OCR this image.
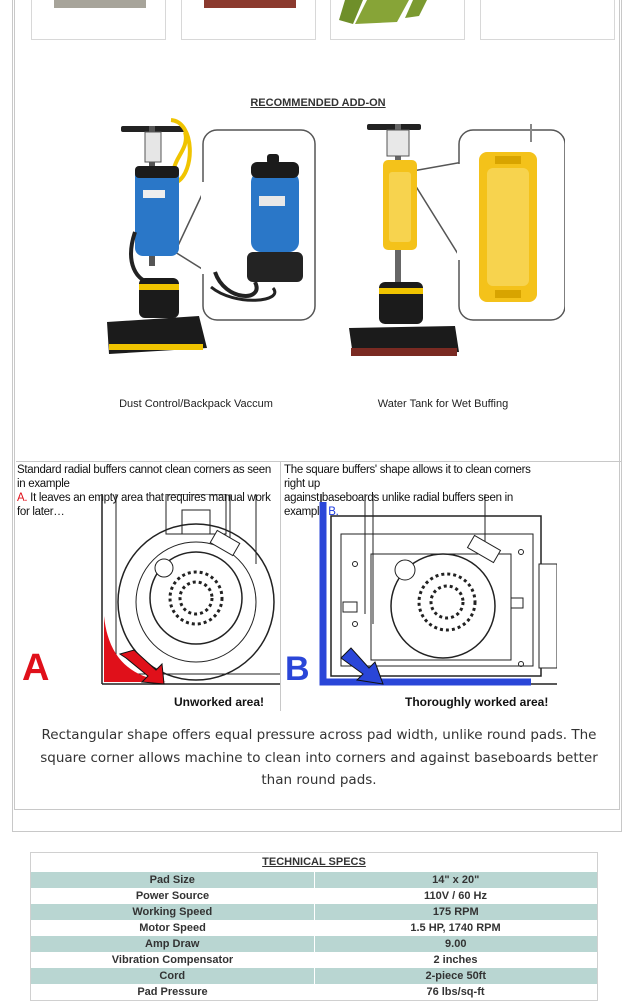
RECOMMENDED ADD-ON
Dust Control/Backpack Vaccum	Water Tank for Wet Buffing
Standard radial buffers cannot clean corners as seen in example
A. It leaves an empty area that requires manual work for later…
The square buffers' shape allows it to clean corners right up
against baseboards unlike radial buffers seen in example B.
A
Unworked area!
B
Thoroughly worked area!
Rectangular shape offers equal pressure across pad width, unlike round pads. The square corner allows machine to clean into corners and against baseboards better than round pads.
TECHNICAL SPECS
Pad Size	14" x 20"
Power Source	110V / 60 Hz
Working Speed	175 RPM
Motor Speed	1.5 HP, 1740 RPM
Amp Draw	9.00
Vibration Compensator	2 inches
Cord	2-piece 50ft
Pad Pressure	76 lbs/sq-ft
